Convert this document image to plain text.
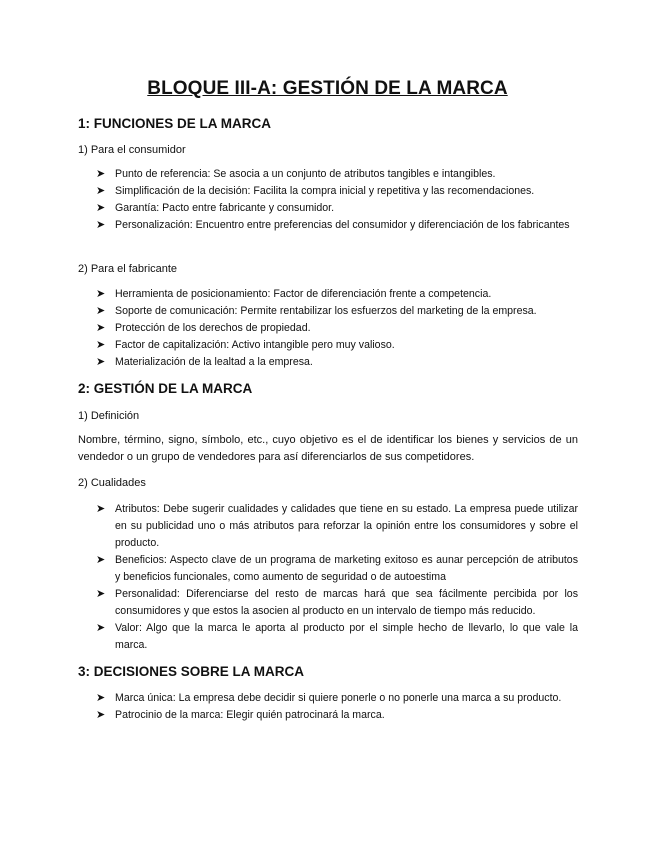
BLOQUE III-A: GESTIÓN DE LA MARCA
1: FUNCIONES DE LA MARCA
1) Para el consumidor
➤ Punto de referencia: Se asocia a un conjunto de atributos tangibles e intangibles.
➤ Simplificación de la decisión: Facilita la compra inicial y repetitiva y las recomendaciones.
➤ Garantía: Pacto entre fabricante y consumidor.
➤ Personalización: Encuentro entre preferencias del consumidor y diferenciación de los fabricantes
2) Para el fabricante
➤ Herramienta de posicionamiento: Factor de diferenciación frente a competencia.
➤ Soporte de comunicación: Permite rentabilizar los esfuerzos del marketing de la empresa.
➤ Protección de los derechos de propiedad.
➤ Factor de capitalización: Activo intangible pero muy valioso.
➤ Materialización de la lealtad a la empresa.
2: GESTIÓN DE LA MARCA
1) Definición
Nombre, término, signo, símbolo, etc., cuyo objetivo es el de identificar los bienes y servicios de un vendedor o un grupo de vendedores para así diferenciarlos de sus competidores.
2) Cualidades
➤ Atributos: Debe sugerir cualidades y calidades que tiene en su estado. La empresa puede utilizar en su publicidad uno o más atributos para reforzar la opinión entre los consumidores y sobre el producto.
➤ Beneficios: Aspecto clave de un programa de marketing exitoso es aunar percepción de atributos y beneficios funcionales, como aumento de seguridad o de autoestima
➤ Personalidad: Diferenciarse del resto de marcas hará que sea fácilmente percibida por los consumidores y que estos la asocien al producto en un intervalo de tiempo más reducido.
➤ Valor: Algo que la marca le aporta al producto por el simple hecho de llevarlo, lo que vale la marca.
3: DECISIONES SOBRE LA MARCA
➤ Marca única: La empresa debe decidir si quiere ponerle o no ponerle una marca a su producto.
➤ Patrocinio de la marca: Elegir quién patrocinará la marca.
